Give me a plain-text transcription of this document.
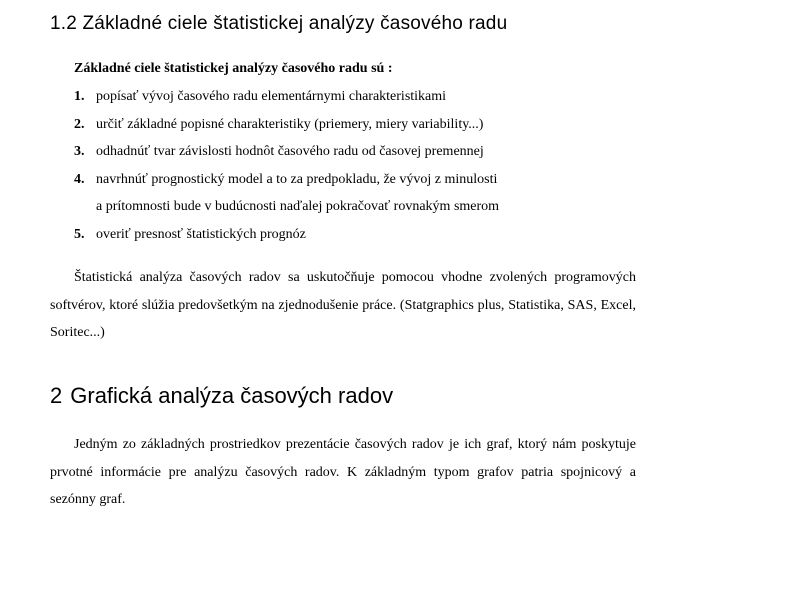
1.2 Základné ciele štatistickej analýzy časového radu

Základné ciele štatistickej analýzy časového radu sú :

1. popísať vývoj časového radu elementárnymi charakteristikami
2. určiť základné popisné charakteristiky (priemery, miery variability...)
3. odhadnúť tvar závislosti hodnôt časového radu od časovej premennej
4. navrhnúť prognostický model a to za predpokladu, že vývoj z minulosti
a prítomnosti bude v budúcnosti naďalej pokračovať rovnakým smerom
5. overiť presnosť štatistických prognóz

Štatistická analýza časových radov sa uskutočňuje pomocou vhodne zvolených programových softvérov, ktoré slúžia predovšetkým na zjednodušenie práce. (Statgraphics plus, Statistika, SAS, Excel, Soritec...)

2 Grafická analýza časových radov

Jedným zo základných prostriedkov prezentácie časových radov je ich graf, ktorý nám poskytuje prvotné informácie pre analýzu časových radov. K základným typom grafov patria spojnicový a sezónny graf.
